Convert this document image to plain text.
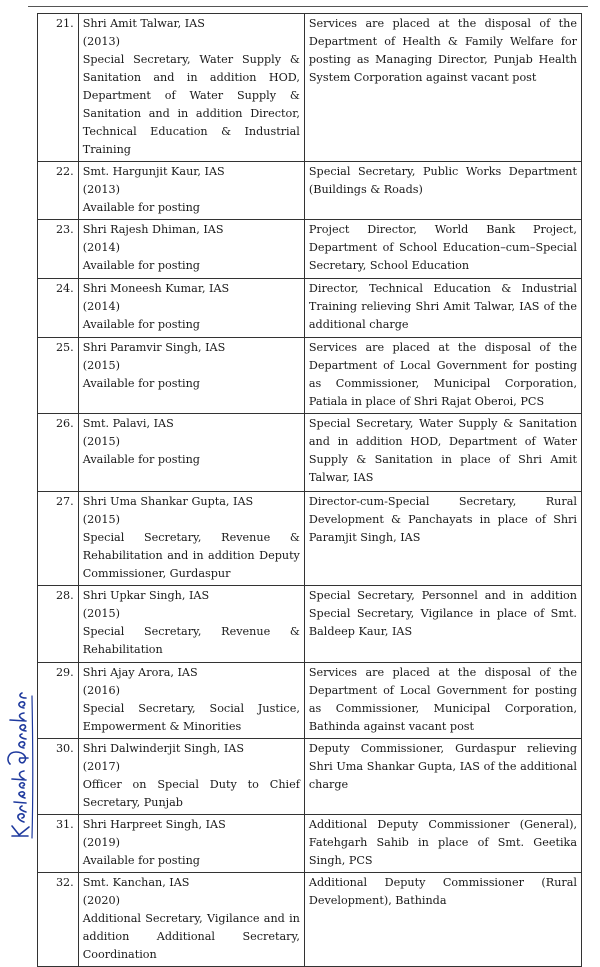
21.	Shri Amit Talwar, IAS
(2013)
Special Secretary, Water Supply & Sanitation and in addition HOD, Department of Water Supply & Sanitation and in addition Director, Technical Education & Industrial Training	Services are placed at the disposal of the Department of Health & Family Welfare for posting as Managing Director, Punjab Health System Corporation against vacant post
22.	Smt. Hargunjit Kaur, IAS
(2013)
Available for posting	Special Secretary, Public Works Department (Buildings & Roads)
23.	Shri Rajesh Dhiman, IAS
(2014)
Available for posting	Project Director, World Bank Project, Department of School Education–cum–Special Secretary, School Education
24.	Shri Moneesh Kumar, IAS
(2014)
Available for posting	Director, Technical Education & Industrial Training relieving Shri Amit Talwar, IAS of the additional charge
25.	Shri Paramvir Singh, IAS
(2015)
Available for posting	Services are placed at the disposal of the Department of Local Government for posting as Commissioner, Municipal Corporation, Patiala in place of Shri Rajat Oberoi, PCS
26.	Smt. Palavi, IAS
(2015)
Available for posting	Special Secretary, Water Supply & Sanitation and in addition HOD, Department of Water Supply & Sanitation in place of Shri Amit Talwar, IAS
27.	Shri Uma Shankar Gupta, IAS
(2015)
Special Secretary, Revenue & Rehabilitation and in addition Deputy Commissioner, Gurdaspur	Director-cum-Special Secretary, Rural Development & Panchayats in place of Shri Paramjit Singh, IAS
28.	Shri Upkar Singh, IAS
(2015)
Special Secretary, Revenue & Rehabilitation	Special Secretary, Personnel and in addition Special Secretary, Vigilance in place of Smt. Baldeep Kaur, IAS
29.	Shri Ajay Arora, IAS
(2016)
Special Secretary, Social Justice, Empowerment & Minorities	Services are placed at the disposal of the Department of Local Government for posting as Commissioner, Municipal Corporation, Bathinda against vacant post
30.	Shri Dalwinderjit Singh, IAS
(2017)
Officer on Special Duty to Chief Secretary, Punjab	Deputy Commissioner, Gurdaspur relieving Shri Uma Shankar Gupta, IAS of the additional charge
31.	Shri Harpreet Singh, IAS
(2019)
Available for posting	Additional Deputy Commissioner (General), Fatehgarh Sahib in place of Smt. Geetika Singh, PCS
32.	Smt. Kanchan, IAS
(2020)
Additional Secretary, Vigilance and in addition Additional Secretary, Coordination	Additional Deputy Commissioner (Rural Development), Bathinda
